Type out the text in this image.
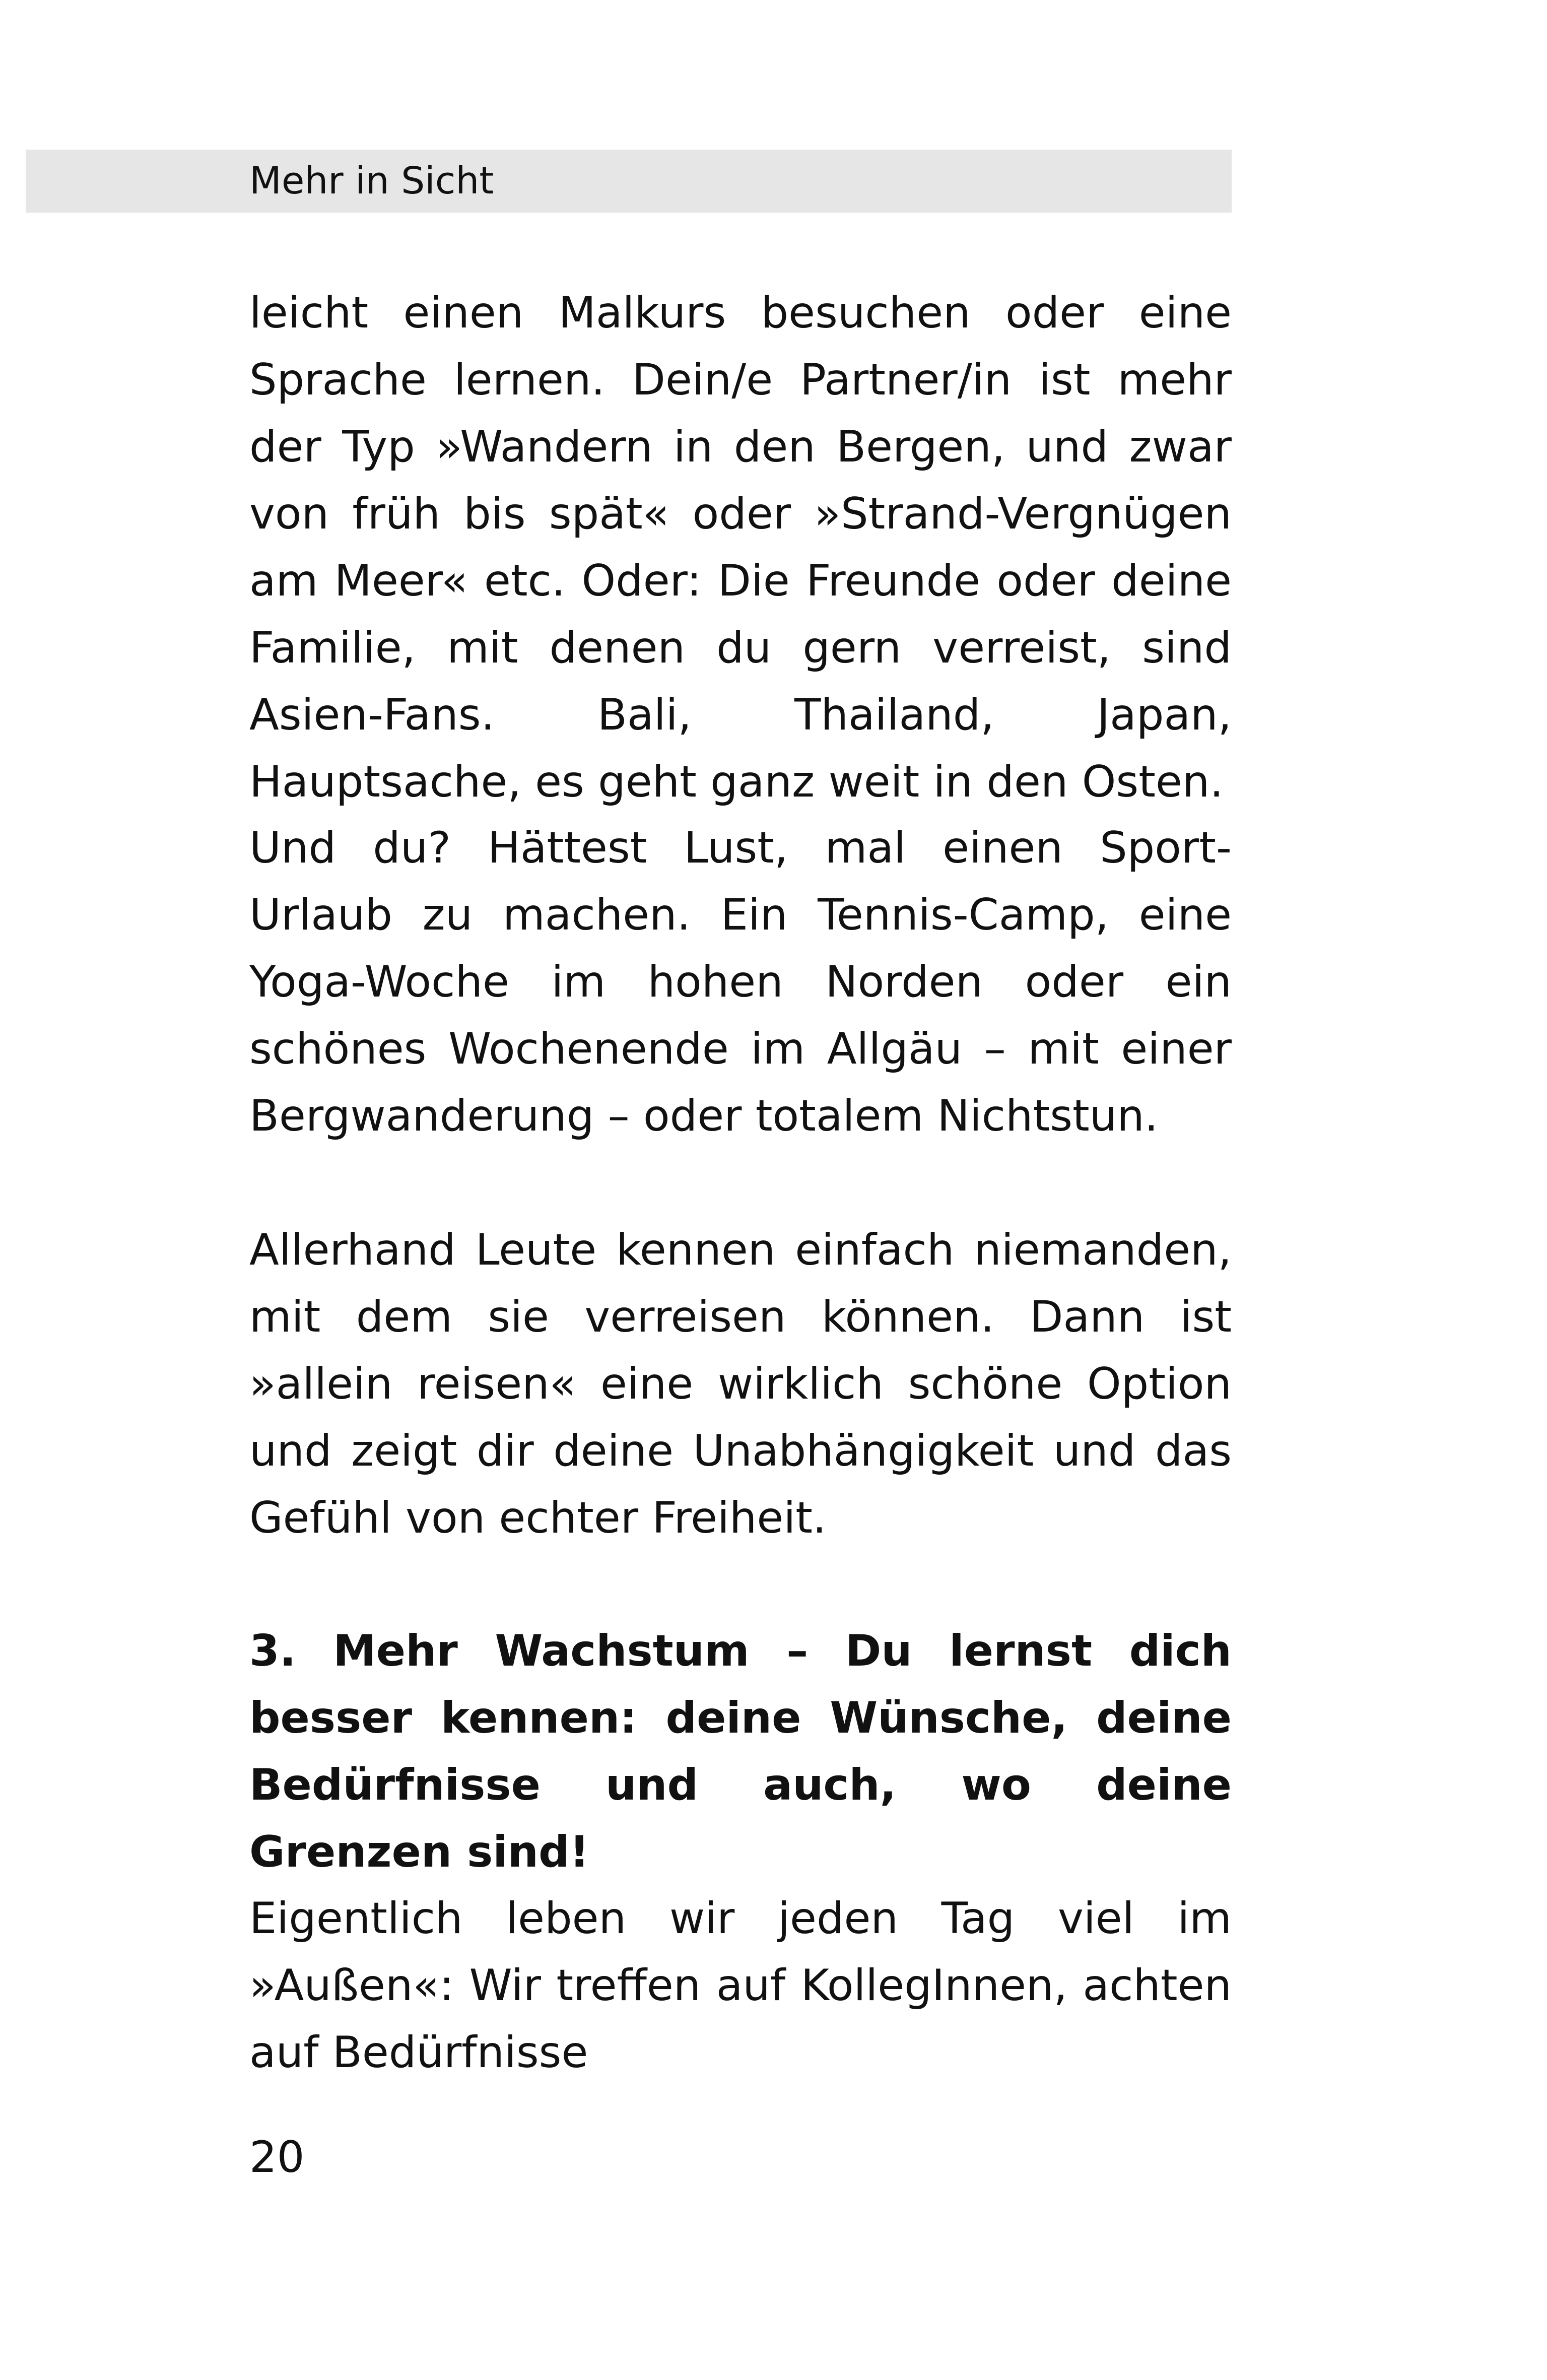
Mehr in Sicht

leicht einen Malkurs besuchen oder eine Sprache lernen. Dein/e Partner/in ist mehr der Typ »Wandern in den Bergen, und zwar von früh bis spät« oder »Strand-Vergnügen am Meer« etc. Oder: Die Freunde oder deine Familie, mit denen du gern verreist, sind Asien-Fans. Bali, Thailand, Japan, Hauptsache, es geht ganz weit in den Osten.

Und du? Hättest Lust, mal einen Sport-Urlaub zu machen. Ein Tennis-Camp, eine Yoga-Woche im hohen Norden oder ein schönes Wochenende im Allgäu – mit einer Bergwanderung – oder totalem Nichtstun.

Allerhand Leute kennen einfach niemanden, mit dem sie verreisen können. Dann ist »allein reisen« eine wirklich schöne Option und zeigt dir deine Unabhängigkeit und das Gefühl von echter Freiheit.

3. Mehr Wachstum – Du lernst dich besser kennen: deine Wünsche, deine Bedürfnisse und auch, wo deine Grenzen sind!

Eigentlich leben wir jeden Tag viel im »Außen«: Wir treffen auf KollegInnen, achten auf Bedürfnisse

20
